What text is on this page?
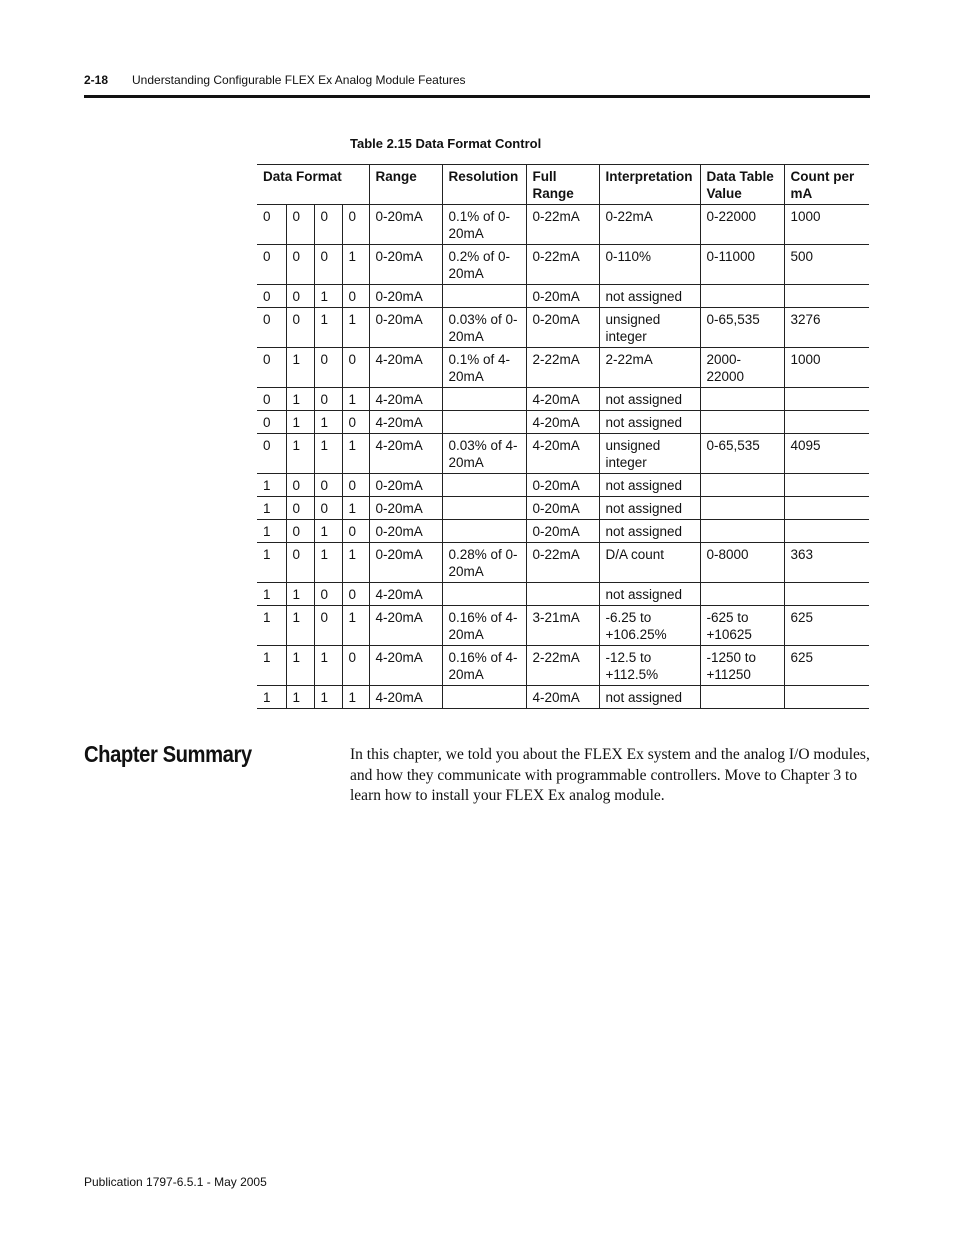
2-18 Understanding Configurable FLEX Ex Analog Module Features
Table 2.15 Data Format Control
Data Format				Range	Resolution	Full Range	Interpretation	Data Table Value	Count per mA
0	0	0	0	0-20mA	0.1% of 0-20mA	0-22mA	0-22mA	0-22000	1000
0	0	0	1	0-20mA	0.2% of 0-20mA	0-22mA	0-110%	0-11000	500
0	0	1	0	0-20mA		0-20mA	not assigned		
0	0	1	1	0-20mA	0.03% of 0-20mA	0-20mA	unsigned integer	0-65,535	3276
0	1	0	0	4-20mA	0.1% of 4-20mA	2-22mA	2-22mA	2000-22000	1000
0	1	0	1	4-20mA		4-20mA	not assigned		
0	1	1	0	4-20mA		4-20mA	not assigned		
0	1	1	1	4-20mA	0.03% of 4-20mA	4-20mA	unsigned integer	0-65,535	4095
1	0	0	0	0-20mA		0-20mA	not assigned		
1	0	0	1	0-20mA		0-20mA	not assigned		
1	0	1	0	0-20mA		0-20mA	not assigned		
1	0	1	1	0-20mA	0.28% of 0-20mA	0-22mA	D/A count	0-8000	363
1	1	0	0	4-20mA			not assigned		
1	1	0	1	4-20mA	0.16% of 4-20mA	3-21mA	-6.25 to +106.25%	-625 to +10625	625
1	1	1	0	4-20mA	0.16% of 4-20mA	2-22mA	-12.5 to +112.5%	-1250 to +11250	625
1	1	1	1	4-20mA		4-20mA	not assigned		
Chapter Summary	In this chapter, we told you about the FLEX Ex system and the analog I/O modules, and how they communicate with programmable controllers. Move to Chapter 3 to learn how to install your FLEX Ex analog module.
Publication 1797-6.5.1 - May 2005
